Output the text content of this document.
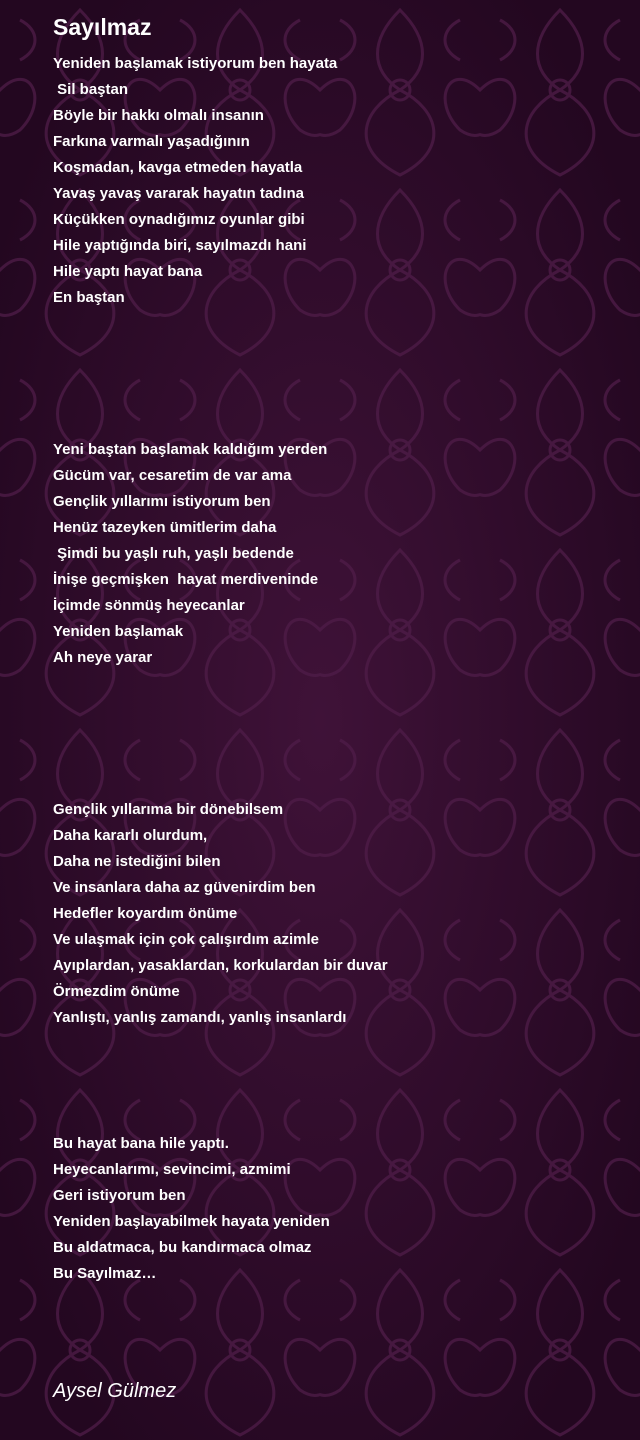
Sayılmaz
Yeniden başlamak istiyorum ben hayata
Sil baştan
Böyle bir hakkı olmalı insanın
Farkına varmalı yaşadığının
Koşmadan, kavga etmeden hayatla
Yavaş yavaş vararak hayatın tadına
Küçükken oynadığımız oyunlar gibi
Hile yaptığında biri, sayılmazdı hani
Hile yaptı hayat bana
En baştan
Yeni baştan başlamak kaldığım yerden
Gücüm var, cesaretim de var ama
Gençlik yıllarımı istiyorum ben
Henüz tazeyken ümitlerim daha
Şimdi bu yaşlı ruh, yaşlı bedende
İnişe geçmişken  hayat merdiveninde
İçimde sönmüş heyecanlar
Yeniden başlamak
Ah neye yarar
Gençlik yıllarıma bir dönebilsem
Daha kararlı olurdum,
Daha ne istediğini bilen
Ve insanlara daha az güvenirdim ben
Hedefler koyardım önüme
Ve ulaşmak için çok çalışırdım azimle
Ayıplardan, yasaklardan, korkulardan bir duvar
Örmezdim önüme
Yanlıştı, yanlış zamandı, yanlış insanlardı
Bu hayat bana hile yaptı.
Heyecanlarımı, sevincimi, azmimi
Geri istiyorum ben
Yeniden başlayabilmek hayata yeniden
Bu aldatmaca, bu kandırmaca olmaz
Bu Sayılmaz…
Aysel Gülmez
